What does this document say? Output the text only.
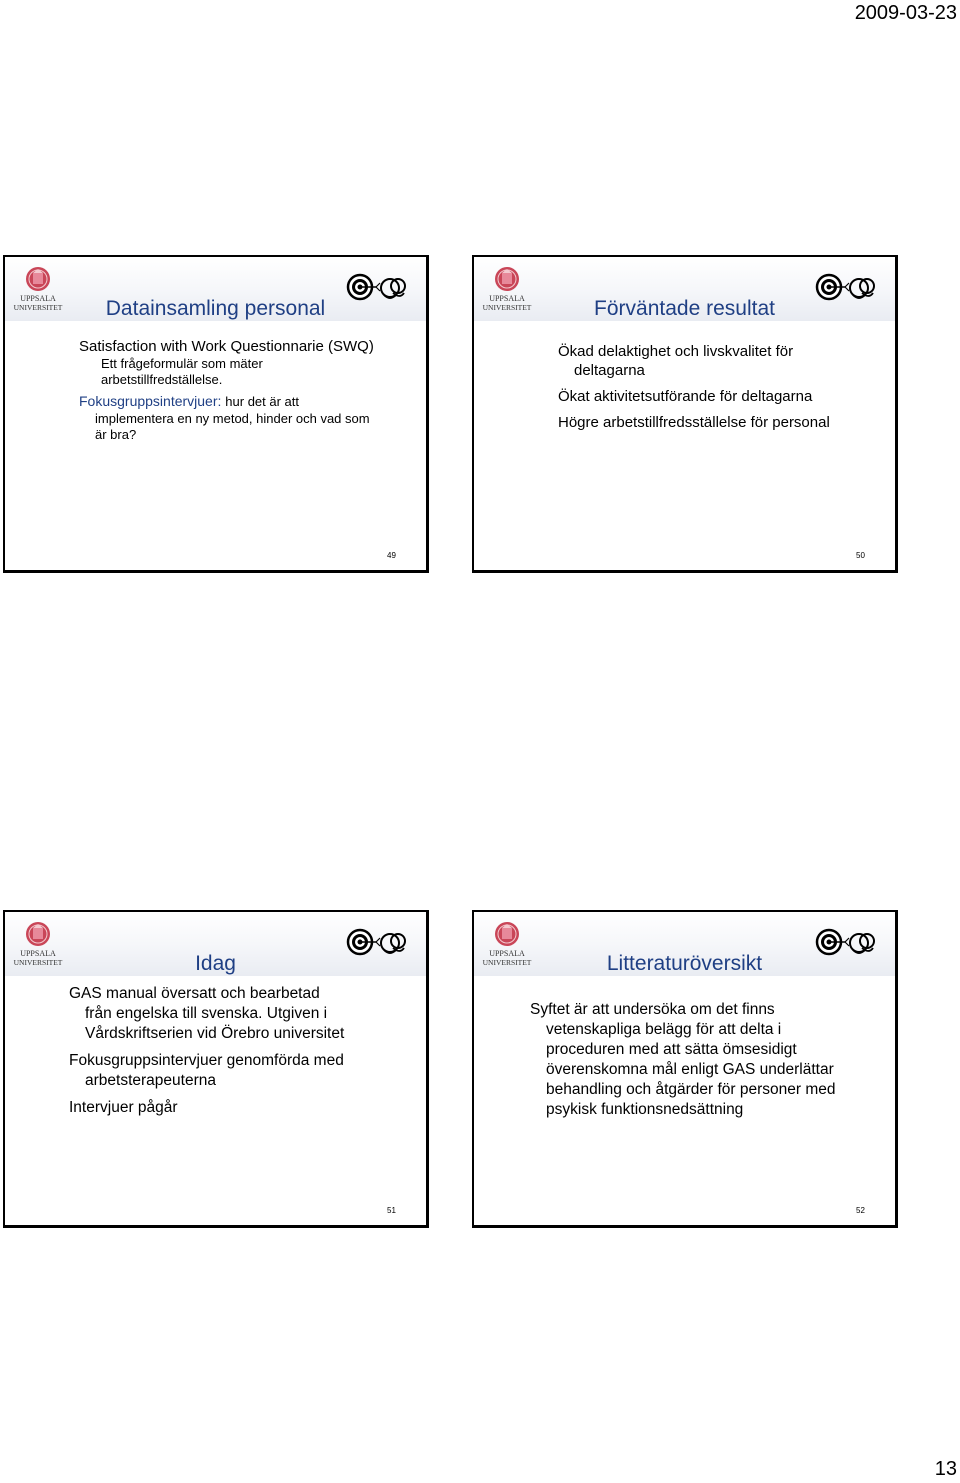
2009-03-23
Datainsamling personal

Satisfaction with Work Questionnarie (SWQ)

Ett frågeformulär som mäter

arbetstillfredställelse.

Fokusgruppsintervjuer: hur det är att

implementera en ny metod, hinder och vad som

är bra?

49
Förväntade resultat

Ökad delaktighet och livskvalitet för

deltagarna

Ökat aktivitetsutförande för deltagarna

Högre arbetstillfredsställelse för personal

50
Idag

GAS manual översatt och bearbetad

från engelska till svenska. Utgiven i

Vårdskriftserien vid Örebro universitet

Fokusgruppsintervjuer genomförda med

arbetsterapeuterna

Intervjuer pågår

51
Litteraturöversikt

Syftet är att undersöka om det finns

vetenskapliga belägg för att delta i

proceduren med att sätta ömsesidigt

överenskomna mål enligt GAS underlättar

behandling och åtgärder för personer med

psykisk funktionsnedsättning

52
13
